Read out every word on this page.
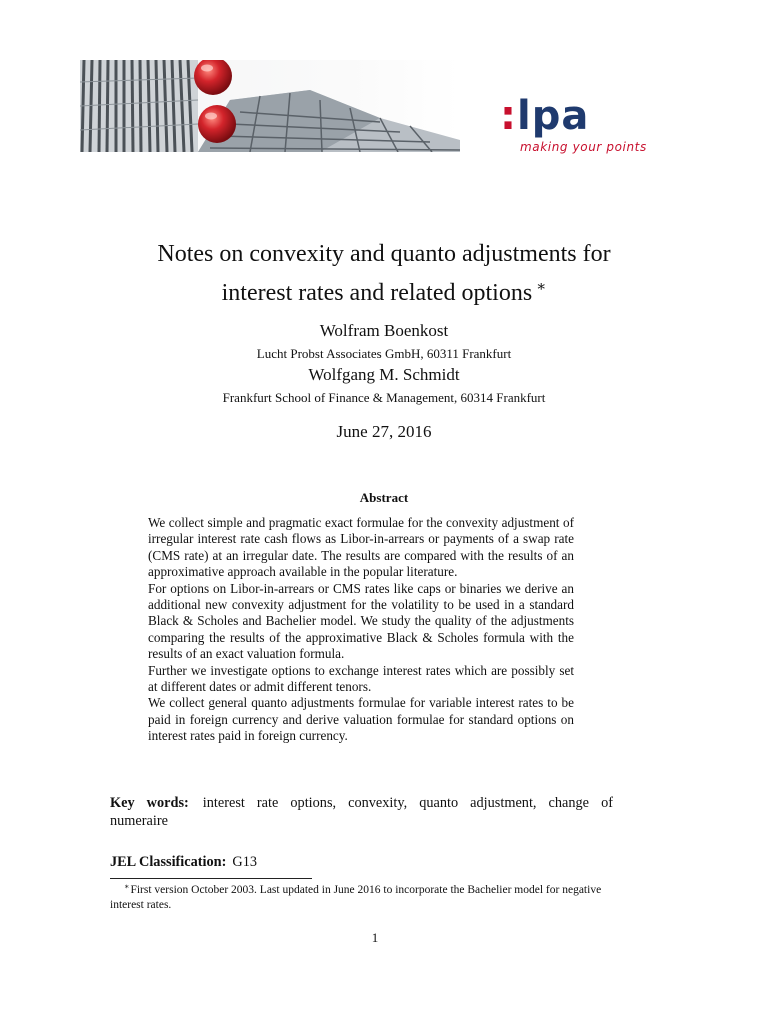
:lpa
making your points
Notes on convexity and quanto adjustments for
interest rates and related options ∗
Wolfram Boenkost
Lucht Probst Associates GmbH, 60311 Frankfurt
Wolfgang M. Schmidt
Frankfurt School of Finance & Management, 60314 Frankfurt
June 27, 2016
Abstract

We collect simple and pragmatic exact formulae for the convexity adjustment of irregular interest rate cash flows as Libor-in-arrears or payments of a swap rate (CMS rate) at an irregular date. The results are compared with the results of an approximative approach available in the popular literature.

For options on Libor-in-arrears or CMS rates like caps or binaries we derive an additional new convexity adjustment for the volatility to be used in a standard Black & Scholes and Bachelier model. We study the quality of the adjustments comparing the results of the approximative Black & Scholes formula with the results of an exact valuation formula.

Further we investigate options to exchange interest rates which are possibly set at different dates or admit different tenors.

We collect general quanto adjustments formulae for variable interest rates to be paid in foreign currency and derive valuation formulae for standard options on interest rates paid in foreign currency.

Key words: interest rate options, convexity, quanto adjustment, change of numeraire
JEL Classification: G13
∗First version October 2003. Last updated in June 2016 to incorporate the Bachelier model for negative interest rates.
1
